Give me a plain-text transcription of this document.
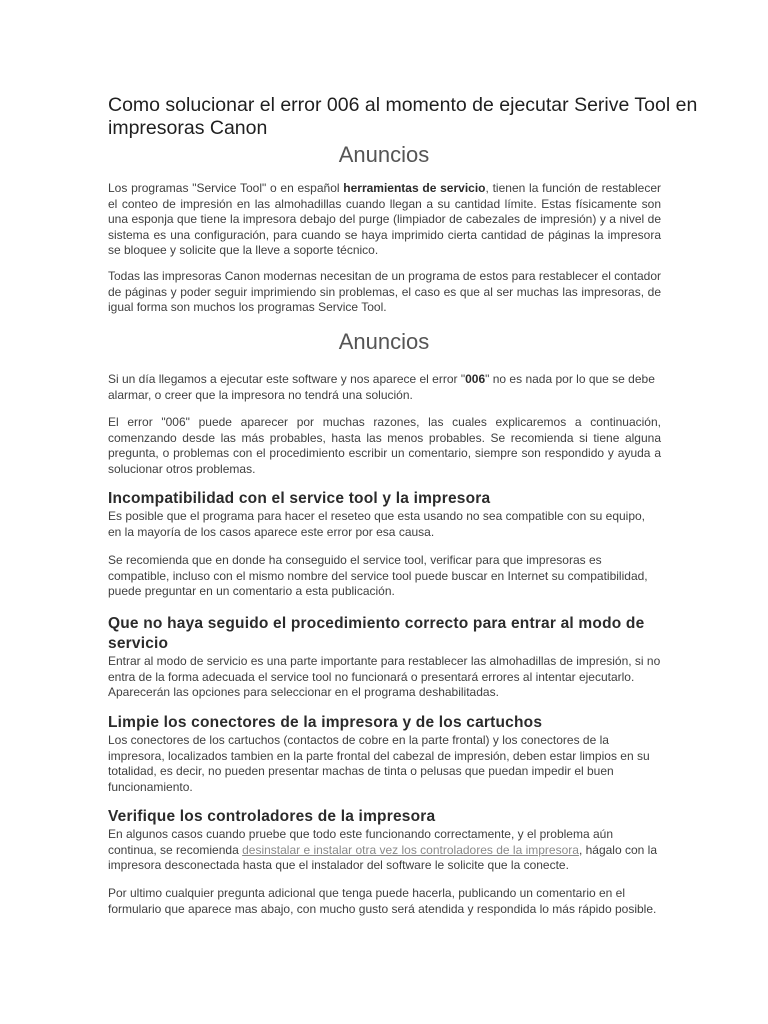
Como solucionar el error 006 al momento de ejecutar Serive Tool en impresoras Canon
Anuncios

Los programas "Service Tool" o en español herramientas de servicio, tienen la función de restablecer el conteo de impresión en las almohadillas cuando llegan a su cantidad límite. Estas físicamente son una esponja que tiene la impresora debajo del purge (limpiador de cabezales de impresión) y a nivel de sistema es una configuración, para cuando se haya imprimido cierta cantidad de páginas la impresora se bloquee y solicite que la lleve a soporte técnico.

Todas las impresoras Canon modernas necesitan de un programa de estos para restablecer el contador de páginas y poder seguir imprimiendo sin problemas, el caso es que al ser muchas las impresoras, de igual forma son muchos los programas Service Tool.

Anuncios

Si un día llegamos a ejecutar este software y nos aparece el error "006" no es nada por lo que se debe alarmar, o creer que la impresora no tendrá una solución.

El error "006" puede aparecer por muchas razones, las cuales explicaremos a continuación, comenzando desde las más probables, hasta las menos probables. Se recomienda si tiene alguna pregunta, o problemas con el procedimiento escribir un comentario, siempre son respondido y ayuda a solucionar otros problemas.

Incompatibilidad con el service tool y la impresora

Es posible que el programa para hacer el reseteo que esta usando no sea compatible con su equipo, en la mayoría de los casos aparece este error por esa causa.

Se recomienda que en donde ha conseguido el service tool, verificar para que impresoras es compatible, incluso con el mismo nombre del service tool puede buscar en Internet su compatibilidad, puede preguntar en un comentario a esta publicación.

Que no haya seguido el procedimiento correcto para entrar al modo de servicio

Entrar al modo de servicio es una parte importante para restablecer las almohadillas de impresión, si no entra de la forma adecuada el service tool no funcionará o presentará errores al intentar ejecutarlo. Aparecerán las opciones para seleccionar en el programa deshabilitadas.

Limpie los conectores de la impresora y de los cartuchos

Los conectores de los cartuchos (contactos de cobre en la parte frontal) y los conectores de la impresora, localizados tambien en la parte frontal del cabezal de impresión, deben estar limpios en su totalidad, es decir, no pueden presentar machas de tinta o pelusas que puedan impedir el buen funcionamiento.

Verifique los controladores de la impresora

En algunos casos cuando pruebe que todo este funcionando correctamente, y el problema aún continua, se recomienda desinstalar e instalar otra vez los controladores de la impresora, hágalo con la impresora desconectada hasta que el instalador del software le solicite que la conecte.

Por ultimo cualquier pregunta adicional que tenga puede hacerla, publicando un comentario en el formulario que aparece mas abajo, con mucho gusto será atendida y respondida lo más rápido posible.
